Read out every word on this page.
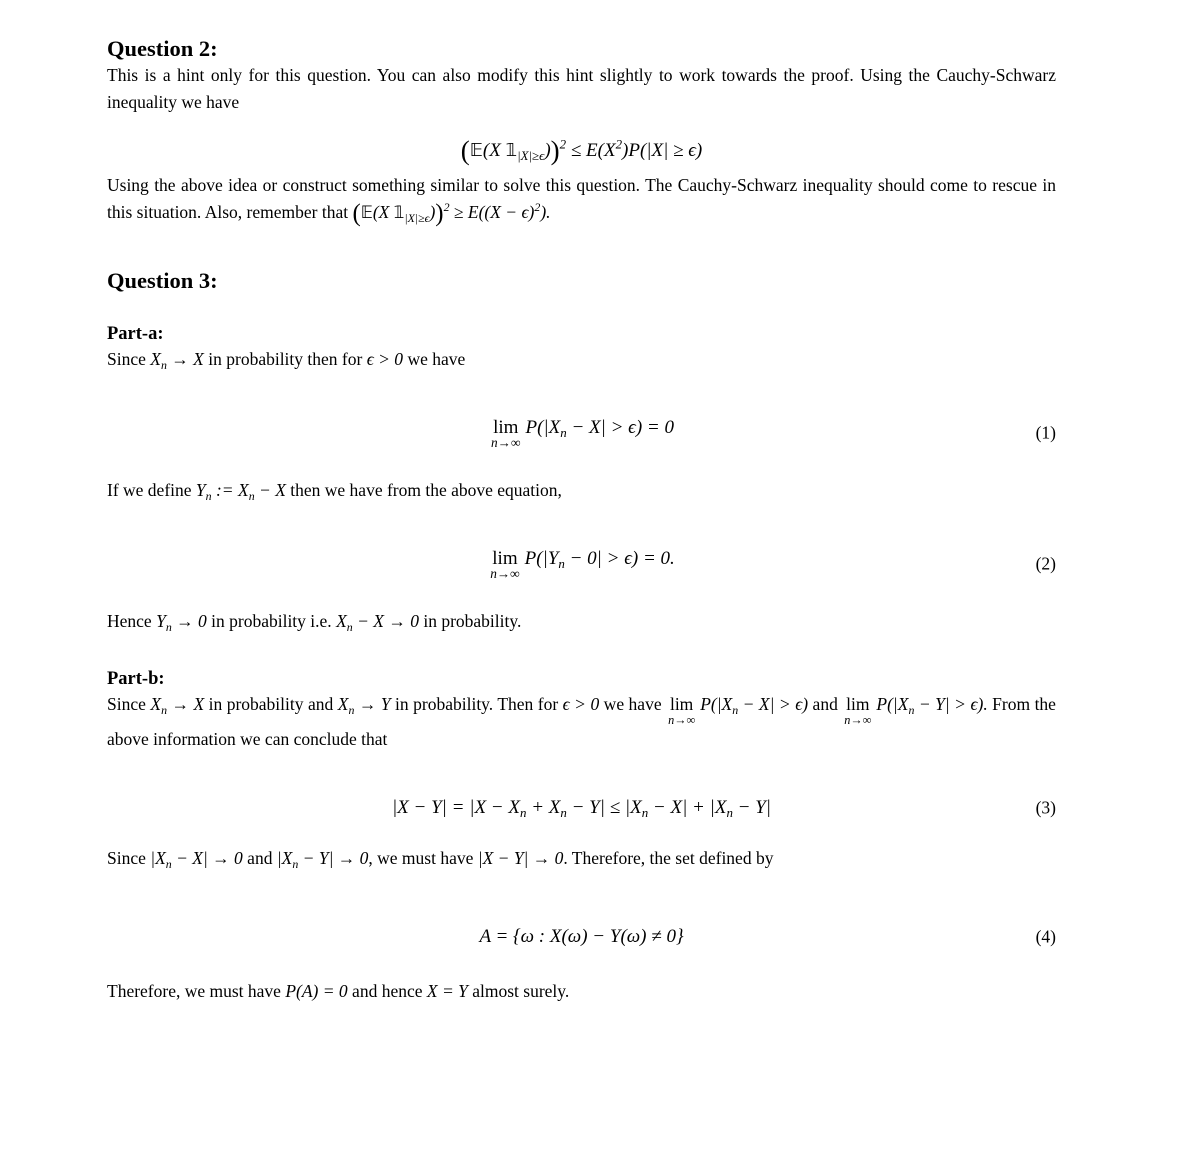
Question 2:

This is a hint only for this question. You can also modify this hint slightly to work towards the proof. Using the Cauchy-Schwarz inequality we have

(𝔼(X $𝟙_{|X|\ge\epsilon}))^2 \le E(X^2)P(|X| \ge \epsilon)$

Using the above idea or construct something similar to solve this question. The Cauchy-Schwarz inequality should come to rescue in this situation. Also, remember that (𝔼(X $𝟙_{|X|\ge\epsilon}))^2 \ge E((X - \epsilon)^2)$.

Question 3:
Part-a:

Since $X_n \to X$ in probability then for ϵ > 0 we have

lim
n→∞
$P(|X_n - X| > \epsilon) = 0$	(1)

If we define $Y_n$ := $X_n - X$ then we have from the above equation,

lim
n→∞
$P(|Y_n - 0| > \epsilon) = 0$.	(2)

Hence $Y_n \to 0$ in probability i.e. $X_n - X \to 0$ in probability.

Part-b:

Since $X_n \to X$ in probability and $X_n \to Y$ in probability. Then for ϵ > 0 we have lim
n→∞
$P(|X_n - X| > \epsilon)$ and lim
n→∞
$P(|X_n - Y| > \epsilon)$. From the above information we can conclude that

$|X - Y| = |X - X_n + X_n - Y| \le |X_n - X| + |X_n - Y|$	(3)

Since $|X_n - X| \to 0$ and $|X_n - Y| \to 0$, we must have |X − Y| → 0. Therefore, the set defined by

A = {ω : X(ω) − Y(ω) ≠ 0}	(4)

Therefore, we must have P(A) = 0 and hence X = Y almost surely.
